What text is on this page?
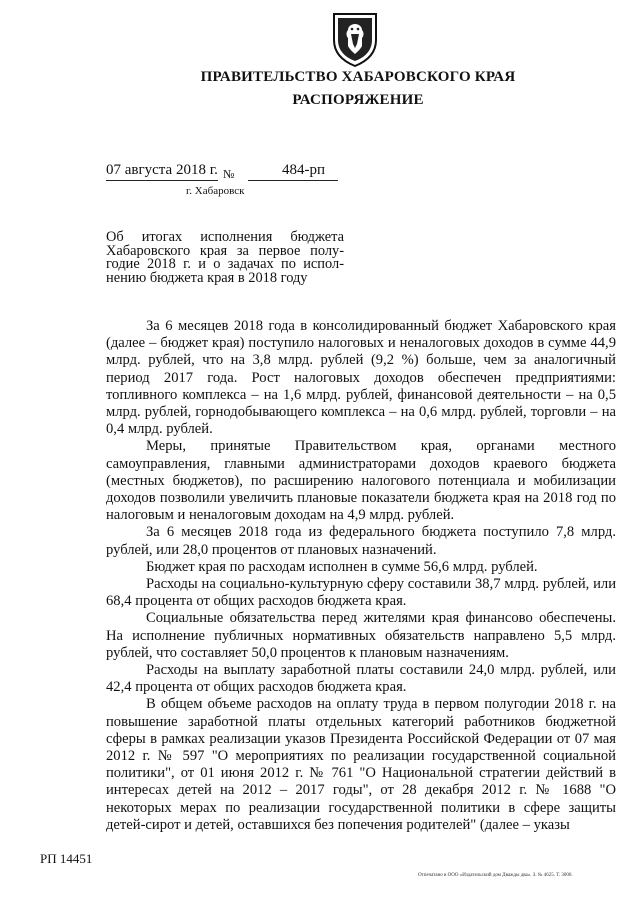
ПРАВИТЕЛЬСТВО ХАБАРОВСКОГО КРАЯ
РАСПОРЯЖЕНИЕ
07 августа 2018 г. №	484-рп
г. Хабаровск
Об итогах исполнения бюджета
Хабаровского края за первое полу-
годие 2018 г. и о задачах по испол-
нению бюджета края в 2018 году

За 6 месяцев 2018 года в консолидированный бюджет Хабаровского края (далее – бюджет края) поступило налоговых и неналоговых доходов в сумме 44,9 млрд. рублей, что на 3,8 млрд. рублей (9,2 %) больше, чем за аналогичный период 2017 года. Рост налоговых доходов обеспечен предприятиями: топливного комплекса – на 1,6 млрд. рублей, финансовой деятельности – на 0,5 млрд. рублей, горнодобывающего комплекса – на 0,6 млрд. рублей, торговли – на 0,4 млрд. рублей.

Меры, принятые Правительством края, органами местного самоуправления, главными администраторами доходов краевого бюджета (местных бюджетов), по расширению налогового потенциала и мобилизации доходов позволили увеличить плановые показатели бюджета края на 2018 год по налоговым и неналоговым доходам на 4,9 млрд. рублей.

За 6 месяцев 2018 года из федерального бюджета поступило 7,8 млрд. рублей, или 28,0 процентов от плановых назначений.

Бюджет края по расходам исполнен в сумме 56,6 млрд. рублей.

Расходы на социально-культурную сферу составили 38,7 млрд. рублей, или 68,4 процента от общих расходов бюджета края.

Социальные обязательства перед жителями края финансово обеспечены. На исполнение публичных нормативных обязательств направлено 5,5 млрд. рублей, что составляет 50,0 процентов к плановым назначениям.

Расходы на выплату заработной платы составили 24,0 млрд. рублей, или 42,4 процента от общих расходов бюджета края.

В общем объеме расходов на оплату труда в первом полугодии 2018 г. на повышение заработной платы отдельных категорий работников бюджетной сферы в рамках реализации указов Президента Российской Федерации от 07 мая 2012 г. № 597 "О мероприятиях по реализации государственной социальной политики", от 01 июня 2012 г. № 761 "О Национальной стратегии действий в интересах детей на 2012 – 2017 годы", от 28 декабря 2012 г. № 1688 "О некоторых мерах по реализации государственной политики в сфере защиты детей-сирот и детей, оставшихся без попечения родителей" (далее – указы

РП 14451
Отпечатано в ООО «Издательский дом Дважды два». З. № 4625. Т. 3000.
